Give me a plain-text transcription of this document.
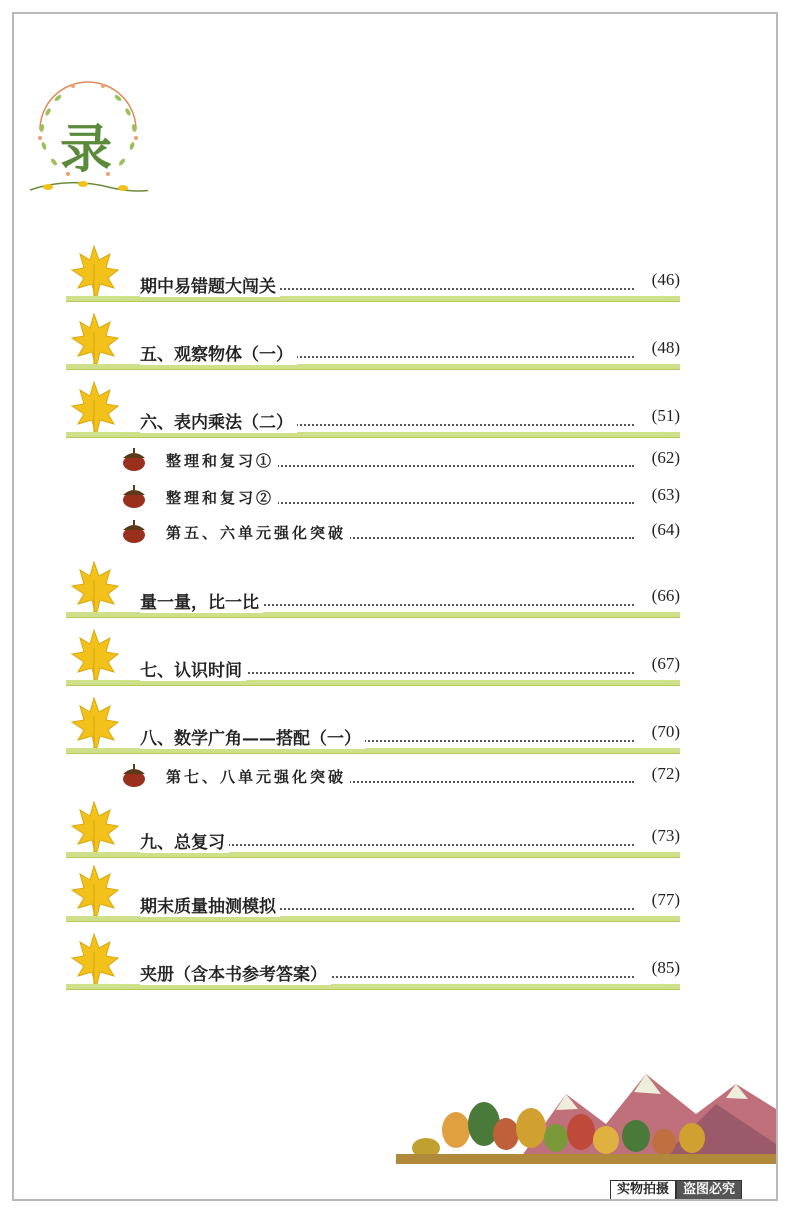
录
期中易错题大闯关	(46)
五、观察物体（一）	(48)
六、表内乘法（二）	(51)
整理和复习①	(62)
整理和复习②	(63)
第五、六单元强化突破	(64)
量一量，比一比	(66)
七、认识时间	(67)
八、数学广角——搭配（一）	(70)
第七、八单元强化突破	(72)
九、总复习	(73)
期末质量抽测模拟	(77)
夹册（含本书参考答案）	(85)
实物拍摄	盗图必究
